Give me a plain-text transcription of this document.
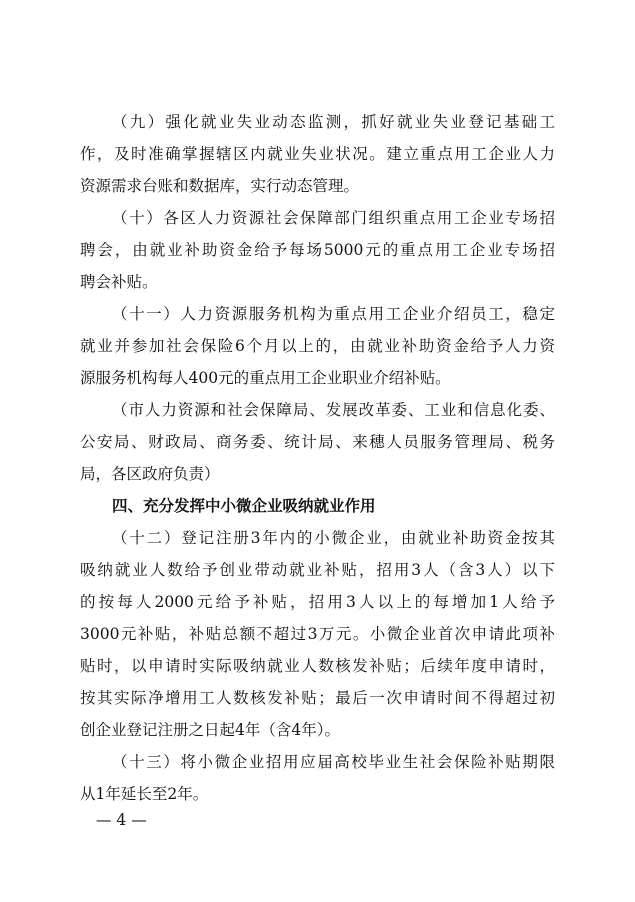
（九）强化就业失业动态监测，抓好就业失业登记基础工
作，及时准确掌握辖区内就业失业状况。建立重点用工企业人力
资源需求台账和数据库，实行动态管理。
（十）各区人力资源社会保障部门组织重点用工企业专场招
聘会，由就业补助资金给予每场5000元的重点用工企业专场招
聘会补贴。
（十一）人力资源服务机构为重点用工企业介绍员工，稳定
就业并参加社会保险6个月以上的，由就业补助资金给予人力资
源服务机构每人400元的重点用工企业职业介绍补贴。
（市人力资源和社会保障局、发展改革委、工业和信息化委、
公安局、财政局、商务委、统计局、来穗人员服务管理局、税务
局，各区政府负责）
四、充分发挥中小微企业吸纳就业作用
（十二）登记注册3年内的小微企业，由就业补助资金按其
吸纳就业人数给予创业带动就业补贴，招用3人（含3人）以下
的按每人2000元给予补贴，招用3人以上的每增加1人给予
3000元补贴，补贴总额不超过3万元。小微企业首次申请此项补
贴时，以申请时实际吸纳就业人数核发补贴；后续年度申请时，
按其实际净增用工人数核发补贴；最后一次申请时间不得超过初
创企业登记注册之日起4年（含4年）。
（十三）将小微企业招用应届高校毕业生社会保险补贴期限
从1年延长至2年。
— 4 —
